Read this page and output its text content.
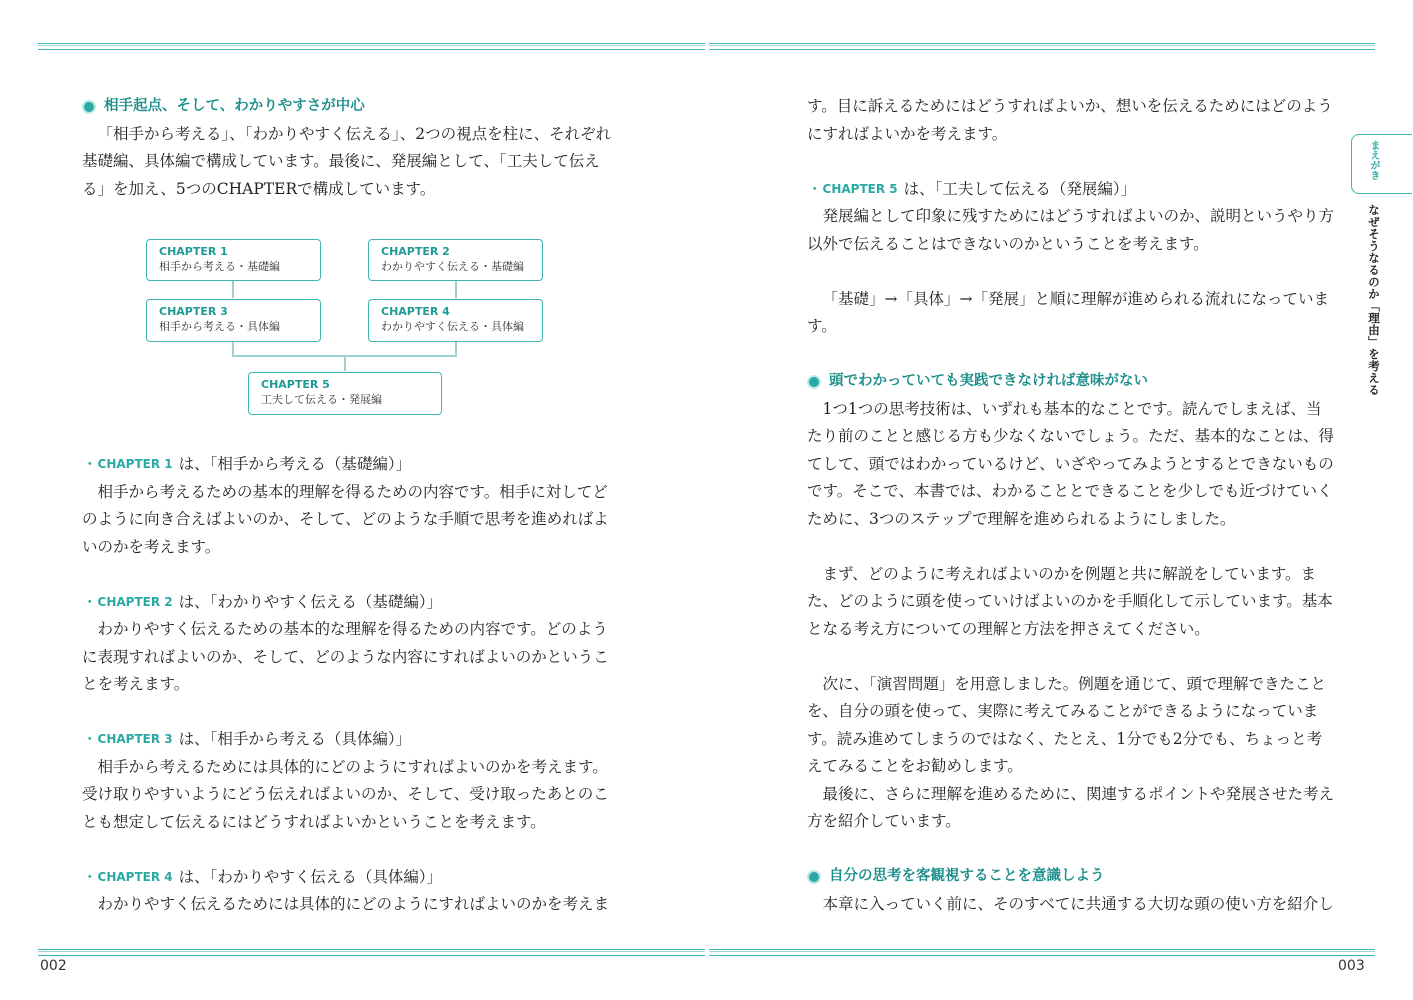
002	003
相手起点、そして、わかりやすさが中心

「相手から考える」、「わかりやすく伝える」、2つの視点を柱に、それぞれ

基礎編、具体編で構成しています。最後に、発展編として、「工夫して伝え

る」を加え、5つのCHAPTERで構成しています。

CHAPTER 1
相手から考える・基礎編
CHAPTER 2
わかりやすく伝える・基礎編
CHAPTER 3
相手から考える・具体編
CHAPTER 4
わかりやすく伝える・具体編
CHAPTER 5
工夫して伝える・発展編
・ CHAPTER 1 は、「相手から考える（基礎編）」

相手から考えるための基本的理解を得るための内容です。相手に対してど

のように向き合えばよいのか、そして、どのような手順で思考を進めればよ

いのかを考えます。

・ CHAPTER 2 は、「わかりやすく伝える（基礎編）」

わかりやすく伝えるための基本的な理解を得るための内容です。どのよう

に表現すればよいのか、そして、どのような内容にすればよいのかというこ

とを考えます。

・ CHAPTER 3 は、「相手から考える（具体編）」

相手から考えるためには具体的にどのようにすればよいのかを考えます。

受け取りやすいようにどう伝えればよいのか、そして、受け取ったあとのこ

とも想定して伝えるにはどうすればよいかということを考えます。

・ CHAPTER 4 は、「わかりやすく伝える（具体編）」

わかりやすく伝えるためには具体的にどのようにすればよいのかを考えま

す。目に訴えるためにはどうすればよいか、想いを伝えるためにはどのよう

にすればよいかを考えます。

・ CHAPTER 5 は、「工夫して伝える（発展編）」

発展編として印象に残すためにはどうすればよいのか、説明というやり方

以外で伝えることはできないのかということを考えます。

「基礎」→「具体」→「発展」と順に理解が進められる流れになっていま

す。

頭でわかっていても実践できなければ意味がない

1つ1つの思考技術は、いずれも基本的なことです。読んでしまえば、当

たり前のことと感じる方も少なくないでしょう。ただ、基本的なことは、得

てして、頭ではわかっているけど、いざやってみようとするとできないもの

です。そこで、本書では、わかることとできることを少しでも近づけていく

ために、3つのステップで理解を進められるようにしました。

まず、どのように考えればよいのかを例題と共に解説をしています。ま

た、どのように頭を使っていけばよいのかを手順化して示しています。基本

となる考え方についての理解と方法を押さえてください。

次に、「演習問題」を用意しました。例題を通じて、頭で理解できたこと

を、自分の頭を使って、実際に考えてみることができるようになっていま

す。読み進めてしまうのではなく、たとえ、1分でも2分でも、ちょっと考

えてみることをお勧めします。

最後に、さらに理解を進めるために、関連するポイントや発展させた考え

方を紹介しています。

自分の思考を客観視することを意識しよう

本章に入っていく前に、そのすべてに共通する大切な頭の使い方を紹介し

まえがき
なぜそうなるのか「理由」を考える
